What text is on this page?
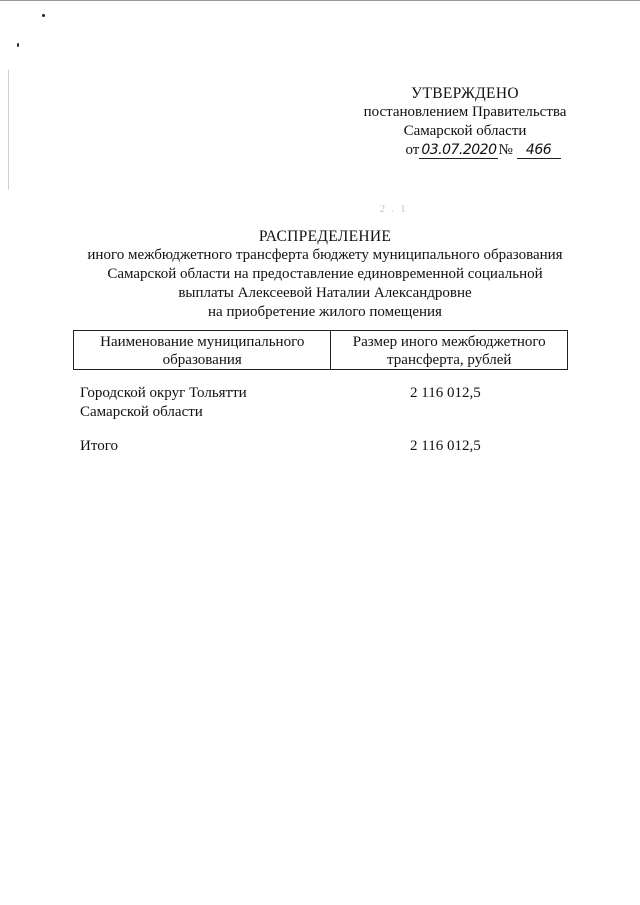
УТВЕРЖДЕНО
постановлением Правительства
Самарской области
от 03.07.2020 № 466
2 . 1
РАСПРЕДЕЛЕНИЕ
иного межбюджетного трансферта бюджету муниципального образования
Самарской области на предоставление единовременной социальной
выплаты Алексеевой Наталии Александровне
на приобретение жилого помещения
Наименование муниципального
образования
Размер иного межбюджетного
трансферта, рублей
Городской округ Тольятти
Самарской области
2 116 012,5
Итого	2 116 012,5
